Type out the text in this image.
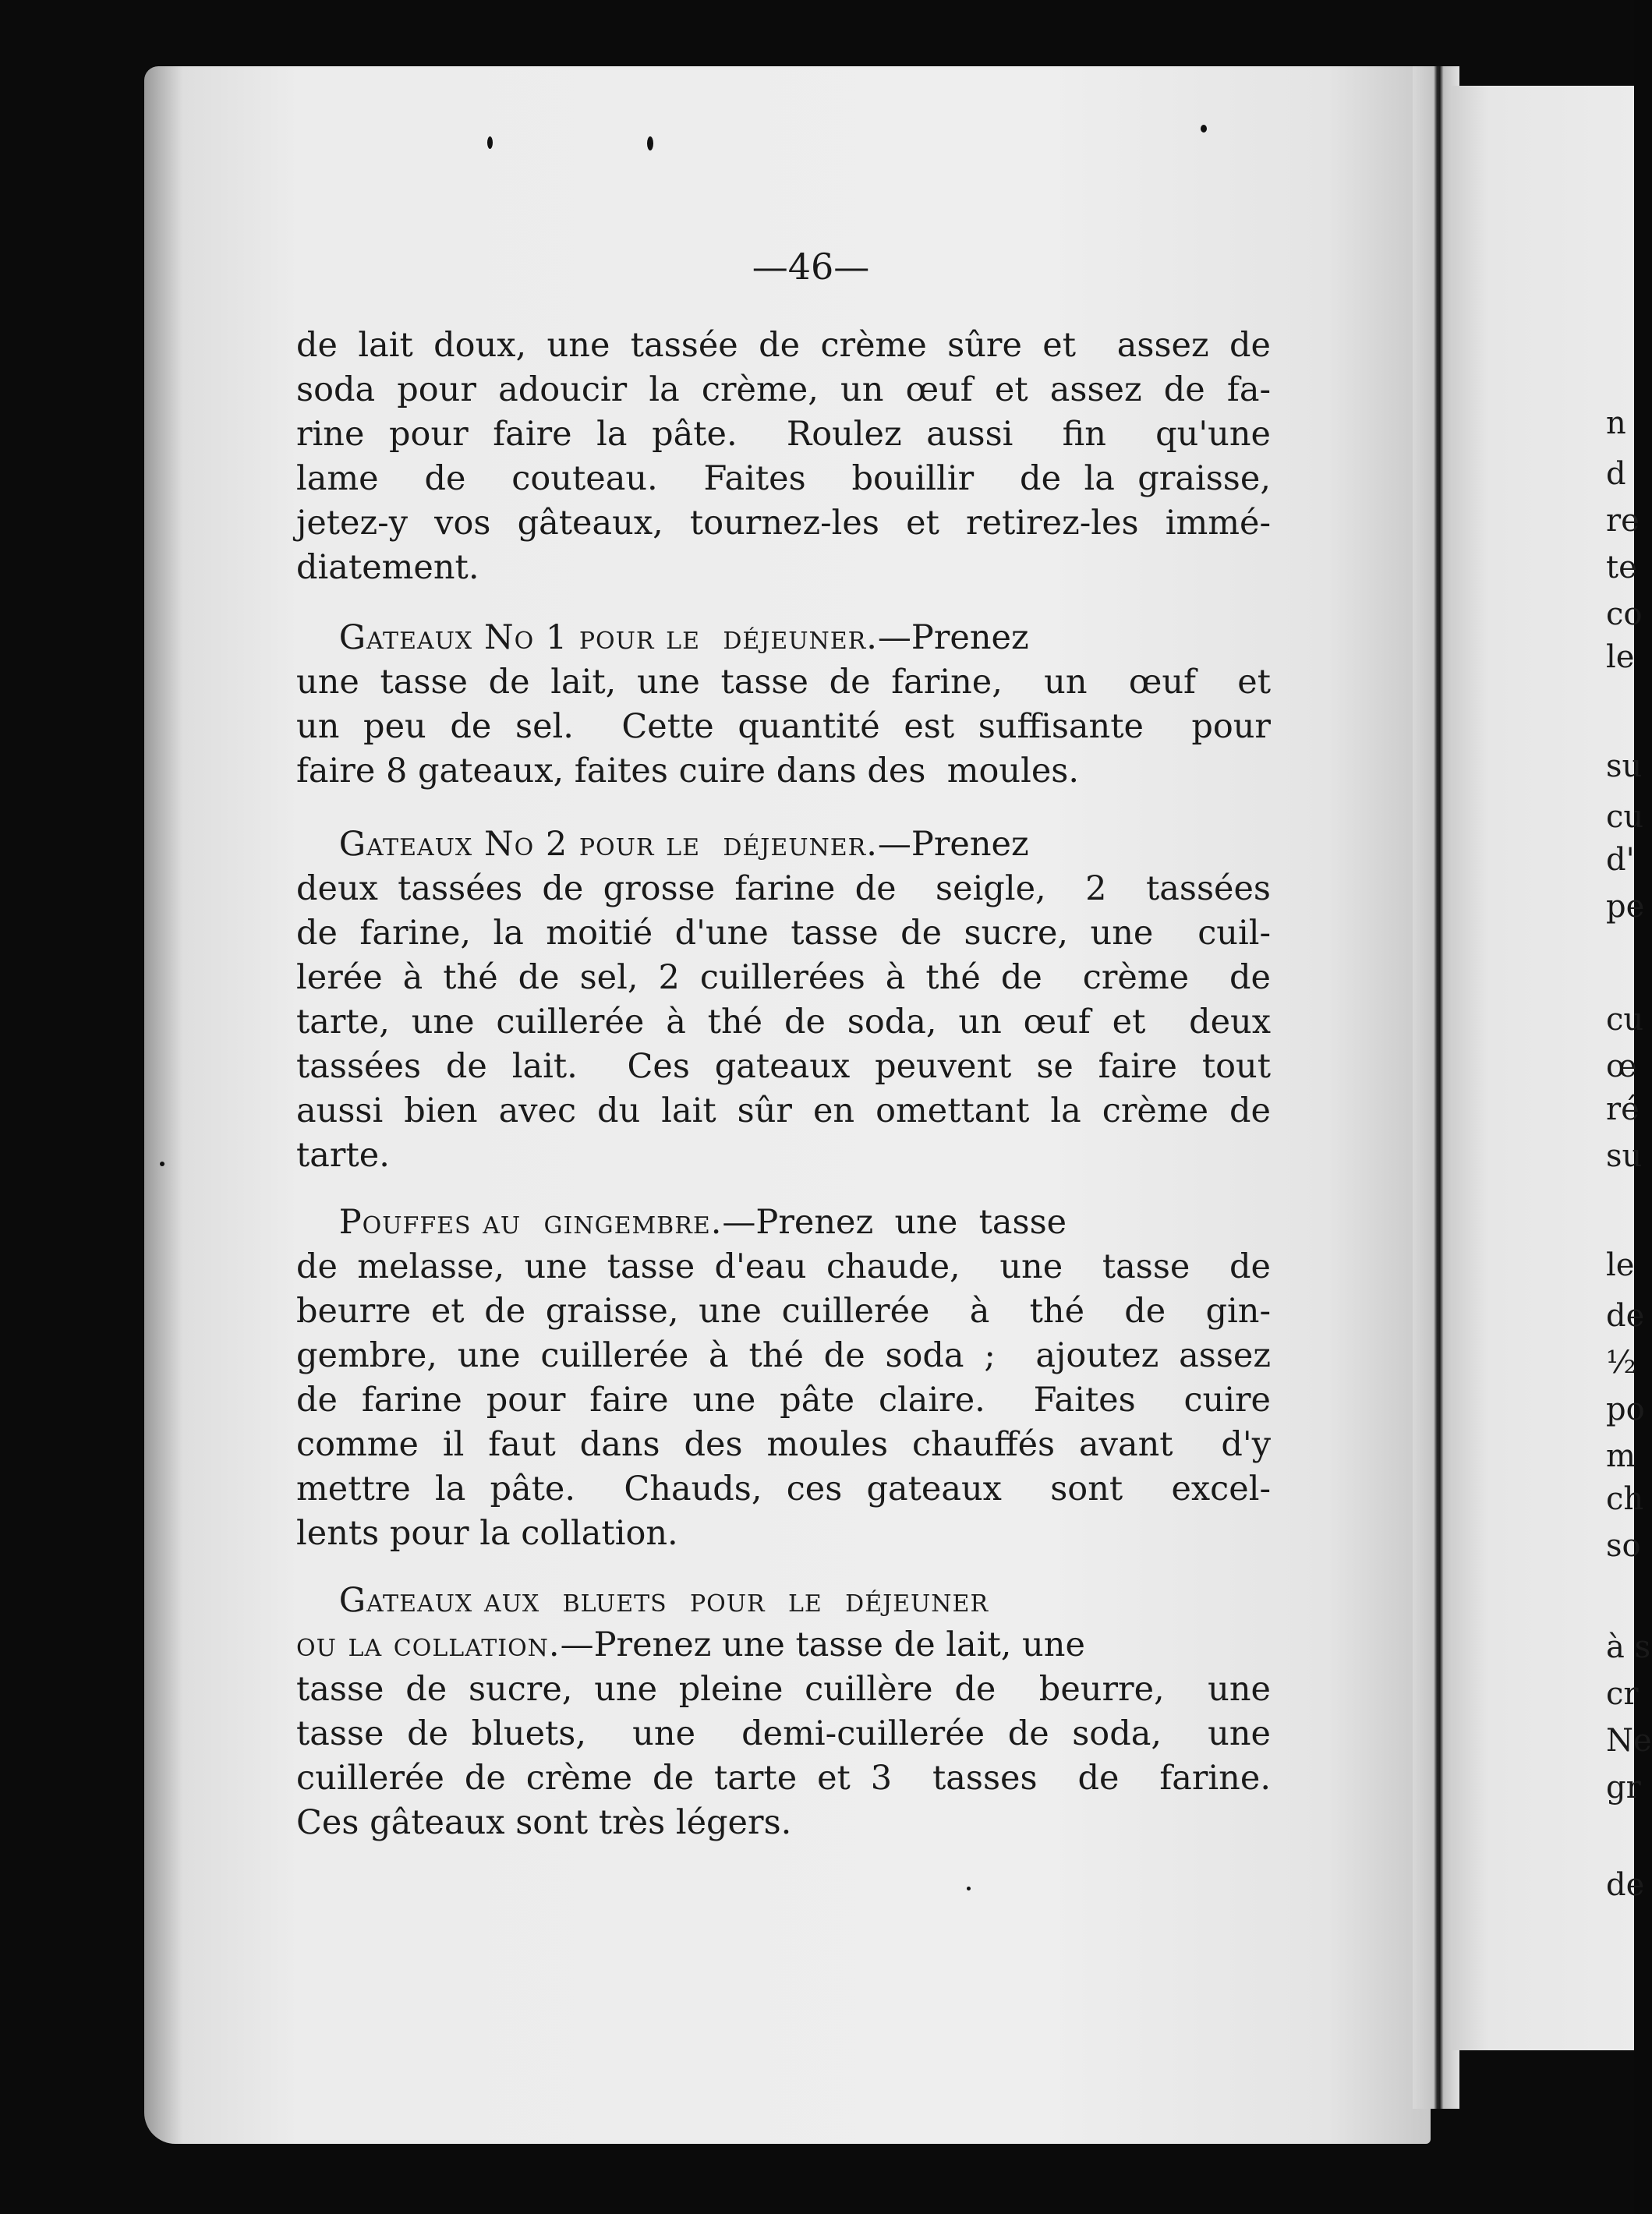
—46—
de lait doux, une tassée de crème sûre et  assez de
soda pour adoucir la crème, un œuf et assez de fa-
rine pour faire la pâte.  Roulez aussi  fin  qu'une
lame  de  couteau.  Faites  bouillir  de la graisse,
jetez-y vos gâteaux, tournez-les et retirez-les immé-
diatement.
Gateaux No 1 pour le  déjeuner.—Prenez
une tasse de lait, une tasse de farine,  un  œuf  et
un peu de sel.  Cette quantité est suffisante  pour
faire 8 gateaux, faites cuire dans des  moules.
Gateaux No 2 pour le  déjeuner.—Prenez
deux tassées de grosse farine de  seigle,  2  tassées
de farine, la moitié d'une tasse de sucre, une  cuil-
lerée à thé de sel, 2 cuillerées à thé de  crème  de
tarte, une cuillerée à thé de soda, un œuf et  deux
tassées de lait.  Ces gateaux peuvent se faire tout
aussi bien avec du lait sûr en omettant la crème de
tarte.
Pouffes au  gingembre.—Prenez  une  tasse
de melasse, une tasse d'eau chaude,  une  tasse  de
beurre et de graisse, une cuillerée  à  thé  de  gin-
gembre, une cuillerée à thé de soda ;  ajoutez assez
de farine pour faire une pâte claire.  Faites  cuire
comme il faut dans des moules chauffés avant  d'y
mettre la pâte.  Chauds, ces gateaux  sont  excel-
lents pour la collation.
Gateaux aux  bluets  pour  le  déjeuner
ou la collation.—Prenez une tasse de lait, une
tasse de sucre, une pleine cuillère de  beurre,  une
tasse de bluets,  une  demi-cuillerée de soda,  une
cuillerée de crème de tarte et 3  tasses  de  farine.
Ces gâteaux sont très légers.
n
d
re
te
co
le
su
cu
d'
pe
cu
œ
ré
su
le
de
½
po
m
ch
so
à s
cr
Ne
gr
de
